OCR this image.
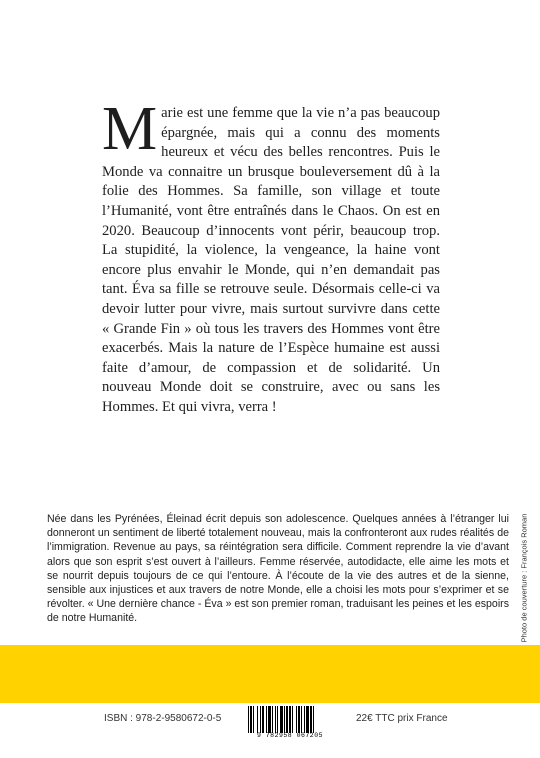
Marie est une femme que la vie n’a pas beaucoup épargnée, mais qui a connu des moments heureux et vécu des belles rencontres. Puis le Monde va connaitre un brusque bouleversement dû à la folie des Hommes. Sa famille, son village et toute l’Humanité, vont être entraînés dans le Chaos. On est en 2020. Beaucoup d’innocents vont périr, beaucoup trop. La stupidité, la violence, la vengeance, la haine vont encore plus envahir le Monde, qui n’en demandait pas tant. Éva sa fille se retrouve seule. Désormais celle-ci va devoir lutter pour vivre, mais surtout survivre dans cette « Grande Fin » où tous les travers des Hommes vont être exacerbés. Mais la nature de l’Espèce humaine est aussi faite d’amour, de compassion et de solidarité. Un nouveau Monde doit se construire, avec ou sans les Hommes. Et qui vivra, verra !

Née dans les Pyrénées, Éleinad écrit depuis son adolescence. Quelques années à l’étranger lui donneront un sentiment de liberté totalement nouveau, mais la confronteront aux rudes réalités de l’immigration. Revenue au pays, sa réintégration sera difficile. Comment reprendre la vie d’avant alors que son esprit s’est ouvert à l’ailleurs. Femme réservée, autodidacte, elle aime les mots et se nourrit depuis toujours de ce qui l’entoure. À l’écoute de la vie des autres et de la sienne, sensible aux injustices et aux travers de notre Monde, elle a choisi les mots pour s’exprimer et se révolter. « Une dernière chance - Éva » est son premier roman, traduisant les peines et les espoirs de notre Humanité.	Photo de couverture : François Roman
ISBN : 978-2-9580672-0-5
9 782958 067205
22€ TTC prix France
